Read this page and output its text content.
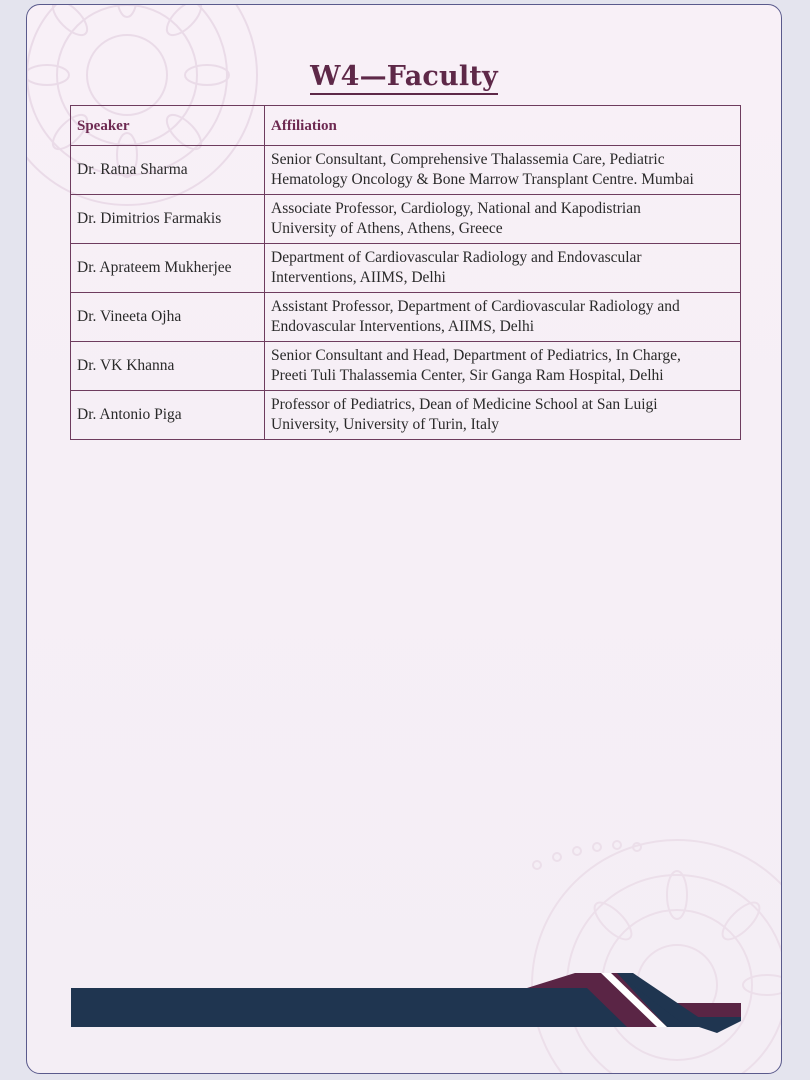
W4—Faculty
Speaker	Affiliation
Dr. Ratna Sharma	Senior Consultant, Comprehensive Thalassemia Care, Pediatric
Hematology Oncology & Bone Marrow Transplant Centre. Mumbai
Dr. Dimitrios Farmakis	Associate Professor, Cardiology, National and Kapodistrian
University of Athens, Athens, Greece
Dr. Aprateem Mukherjee	Department of Cardiovascular Radiology and Endovascular
Interventions, AIIMS, Delhi
Dr. Vineeta Ojha	Assistant Professor, Department of Cardiovascular Radiology and
Endovascular Interventions, AIIMS, Delhi
Dr. VK Khanna	Senior Consultant and Head, Department of Pediatrics, In Charge,
Preeti Tuli Thalassemia Center, Sir Ganga Ram Hospital, Delhi
Dr. Antonio Piga	Professor of Pediatrics, Dean of Medicine School at San Luigi
University, University of Turin, Italy
